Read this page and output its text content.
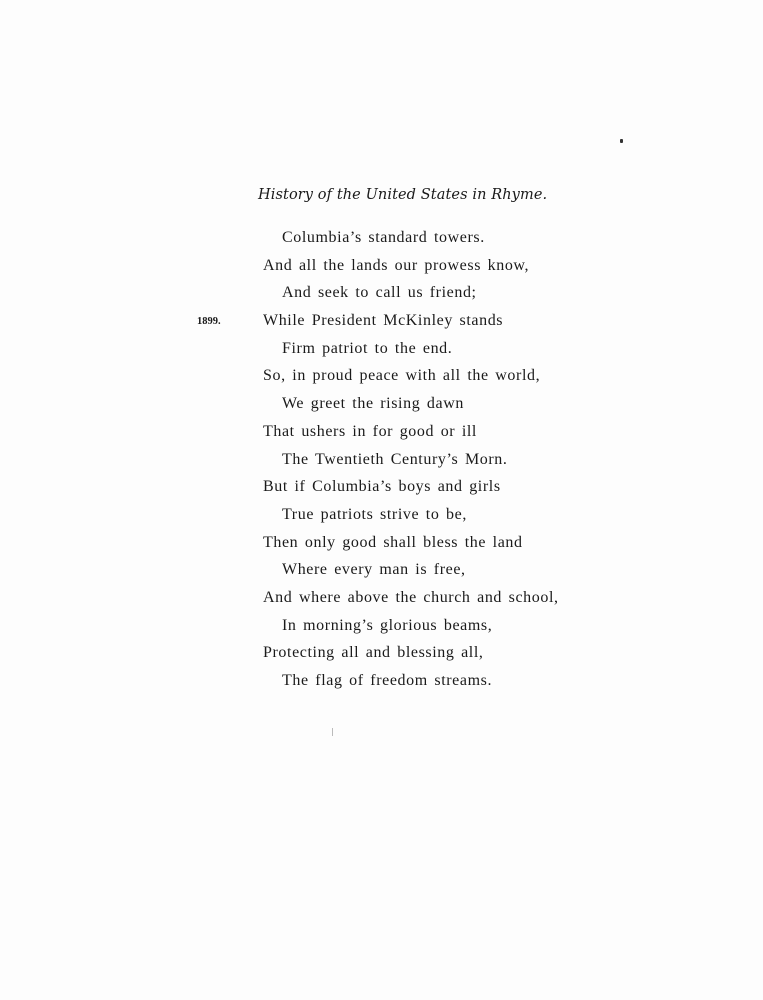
History of the United States in Rhyme.
Columbia’s standard towers.
And all the lands our prowess know,
And seek to call us friend;
1899.	While President McKinley stands
Firm patriot to the end.
So, in proud peace with all the world,
We greet the rising dawn
That ushers in for good or ill
The Twentieth Century’s Morn.
But if Columbia’s boys and girls
True patriots strive to be,
Then only good shall bless the land
Where every man is free,
And where above the church and school,
In morning’s glorious beams,
Protecting all and blessing all,
The flag of freedom streams.
